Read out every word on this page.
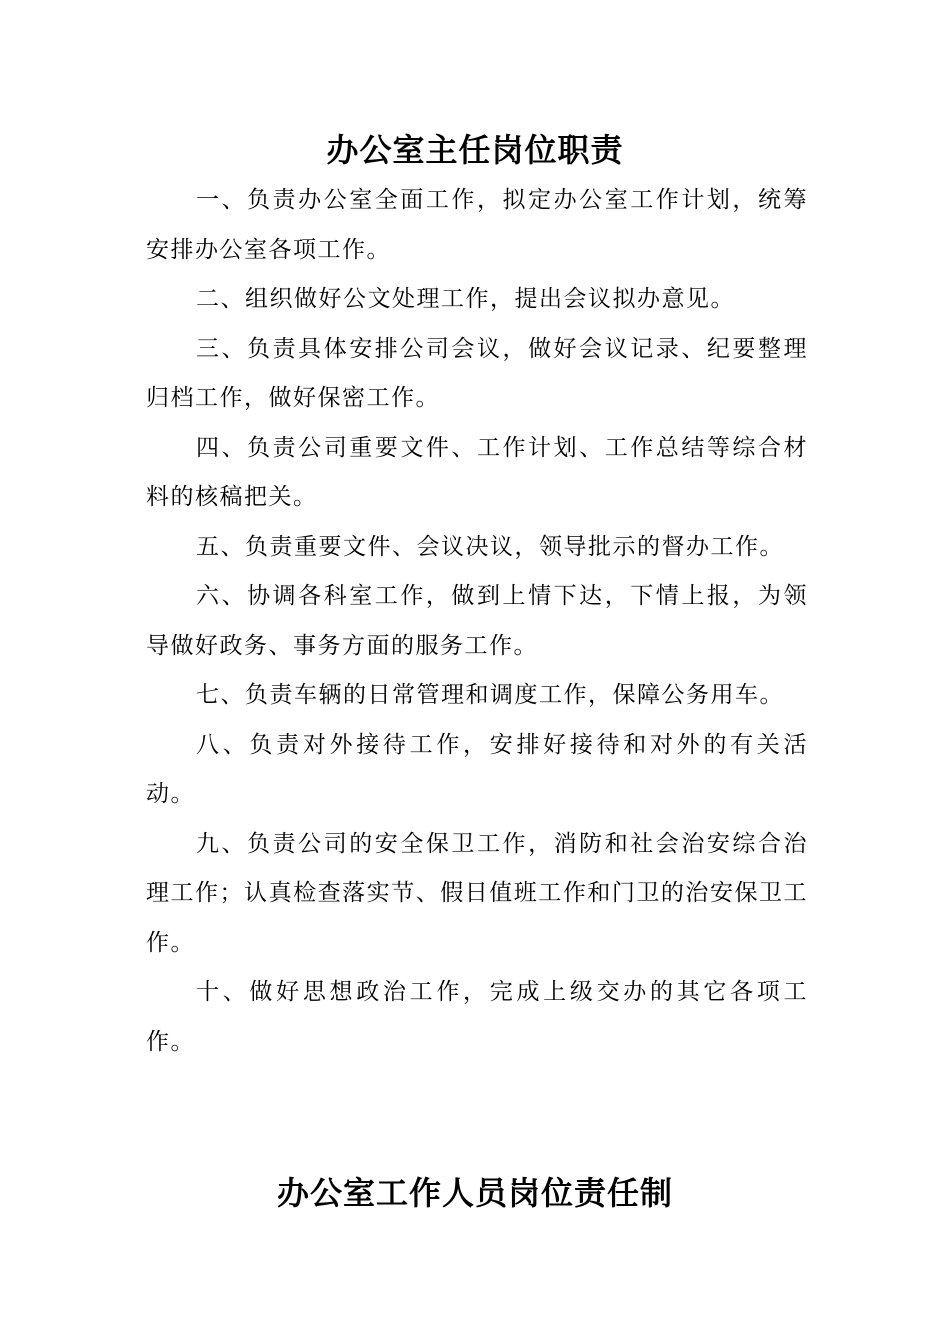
办公室主任岗位职责

一、负责办公室全面工作，拟定办公室工作计划，统筹安排办公室各项工作。

二、组织做好公文处理工作，提出会议拟办意见。

三、负责具体安排公司会议，做好会议记录、纪要整理归档工作，做好保密工作。

四、负责公司重要文件、工作计划、工作总结等综合材料的核稿把关。

五、负责重要文件、会议决议，领导批示的督办工作。

六、协调各科室工作，做到上情下达，下情上报，为领导做好政务、事务方面的服务工作。

七、负责车辆的日常管理和调度工作，保障公务用车。

八、负责对外接待工作，安排好接待和对外的有关活动。

九、负责公司的安全保卫工作，消防和社会治安综合治理工作；认真检查落实节、假日值班工作和门卫的治安保卫工作。

十、做好思想政治工作，完成上级交办的其它各项工作。

办公室工作人员岗位责任制
